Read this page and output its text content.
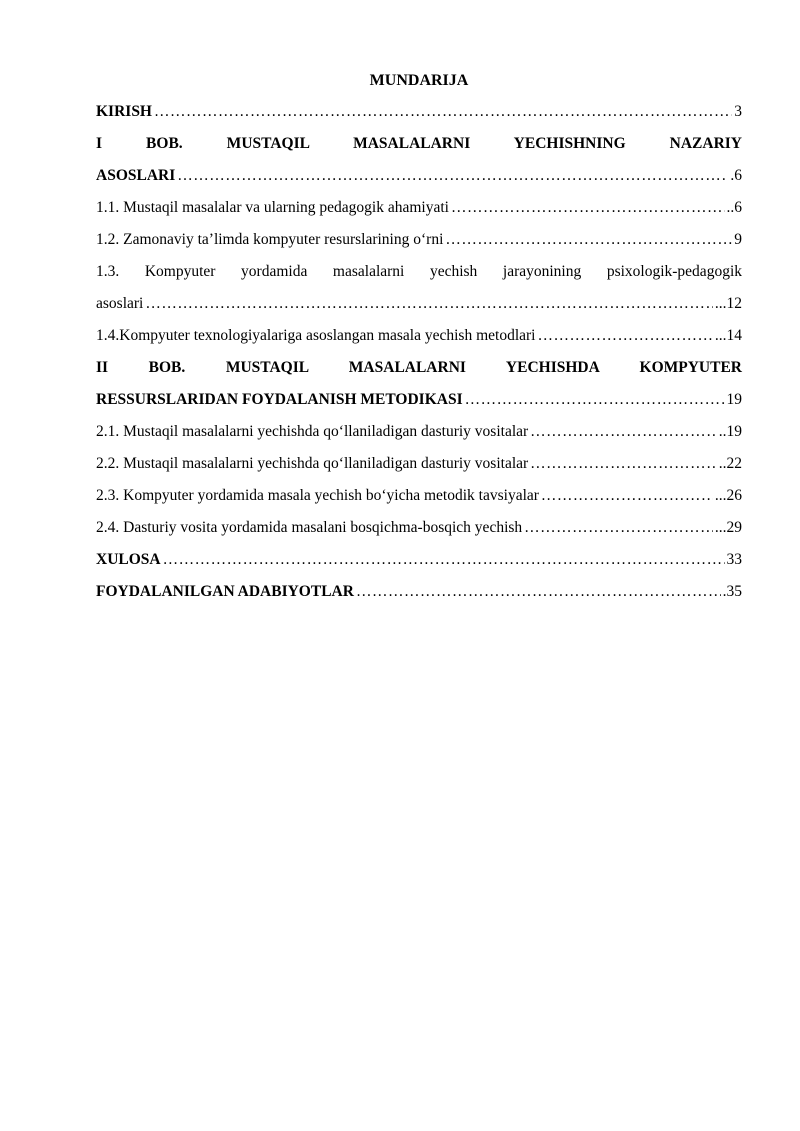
MUNDARIJA
KIRISH ………………………………………………………………………………………………………………………………………………………………………………………………	3
I BOB. MUSTAQIL MASALALARNI YECHISHNING NAZARIY
ASOSLARI ………………………………………………………………………………………………………………………………………………………………………………………………	.6
1.1. Mustaqil masalalar va ularning pedagogik ahamiyati ………………………………………………………………………………………………………………………………………………………………………………………………	..6
1.2. Zamonaviy ta’limda kompyuter resurslarining o‘rni ………………………………………………………………………………………………………………………………………………………………………………………………	9
1.3. Kompyuter yordamida masalalarni yechish jarayonining psixologik-pedagogik
asoslari ………………………………………………………………………………………………………………………………………………………………………………………………	...12
1.4.Kompyuter texnologiyalariga asoslangan masala yechish metodlari ………………………………………………………………………………………………………………………………………………………………………………………………	...14
II BOB. MUSTAQIL MASALALARNI YECHISHDA KOMPYUTER
RESSURSLARIDAN FOYDALANISH METODIKASI ………………………………………………………………………………………………………………………………………………………………………………………………	19
2.1. Mustaqil masalalarni yechishda qo‘llaniladigan dasturiy vositalar ………………………………………………………………………………………………………………………………………………………………………………………………	..19
2.2. Mustaqil masalalarni yechishda qo‘llaniladigan dasturiy vositalar ………………………………………………………………………………………………………………………………………………………………………………………………	..22
2.3. Kompyuter yordamida masala yechish bo‘yicha metodik tavsiyalar ………………………………………………………………………………………………………………………………………………………………………………………………	...26
2.4. Dasturiy vosita yordamida masalani bosqichma-bosqich yechish ………………………………………………………………………………………………………………………………………………………………………………………………	...29
XULOSA ………………………………………………………………………………………………………………………………………………………………………………………………	33
FOYDALANILGAN ADABIYOTLAR ………………………………………………………………………………………………………………………………………………………………………………………………	.35
